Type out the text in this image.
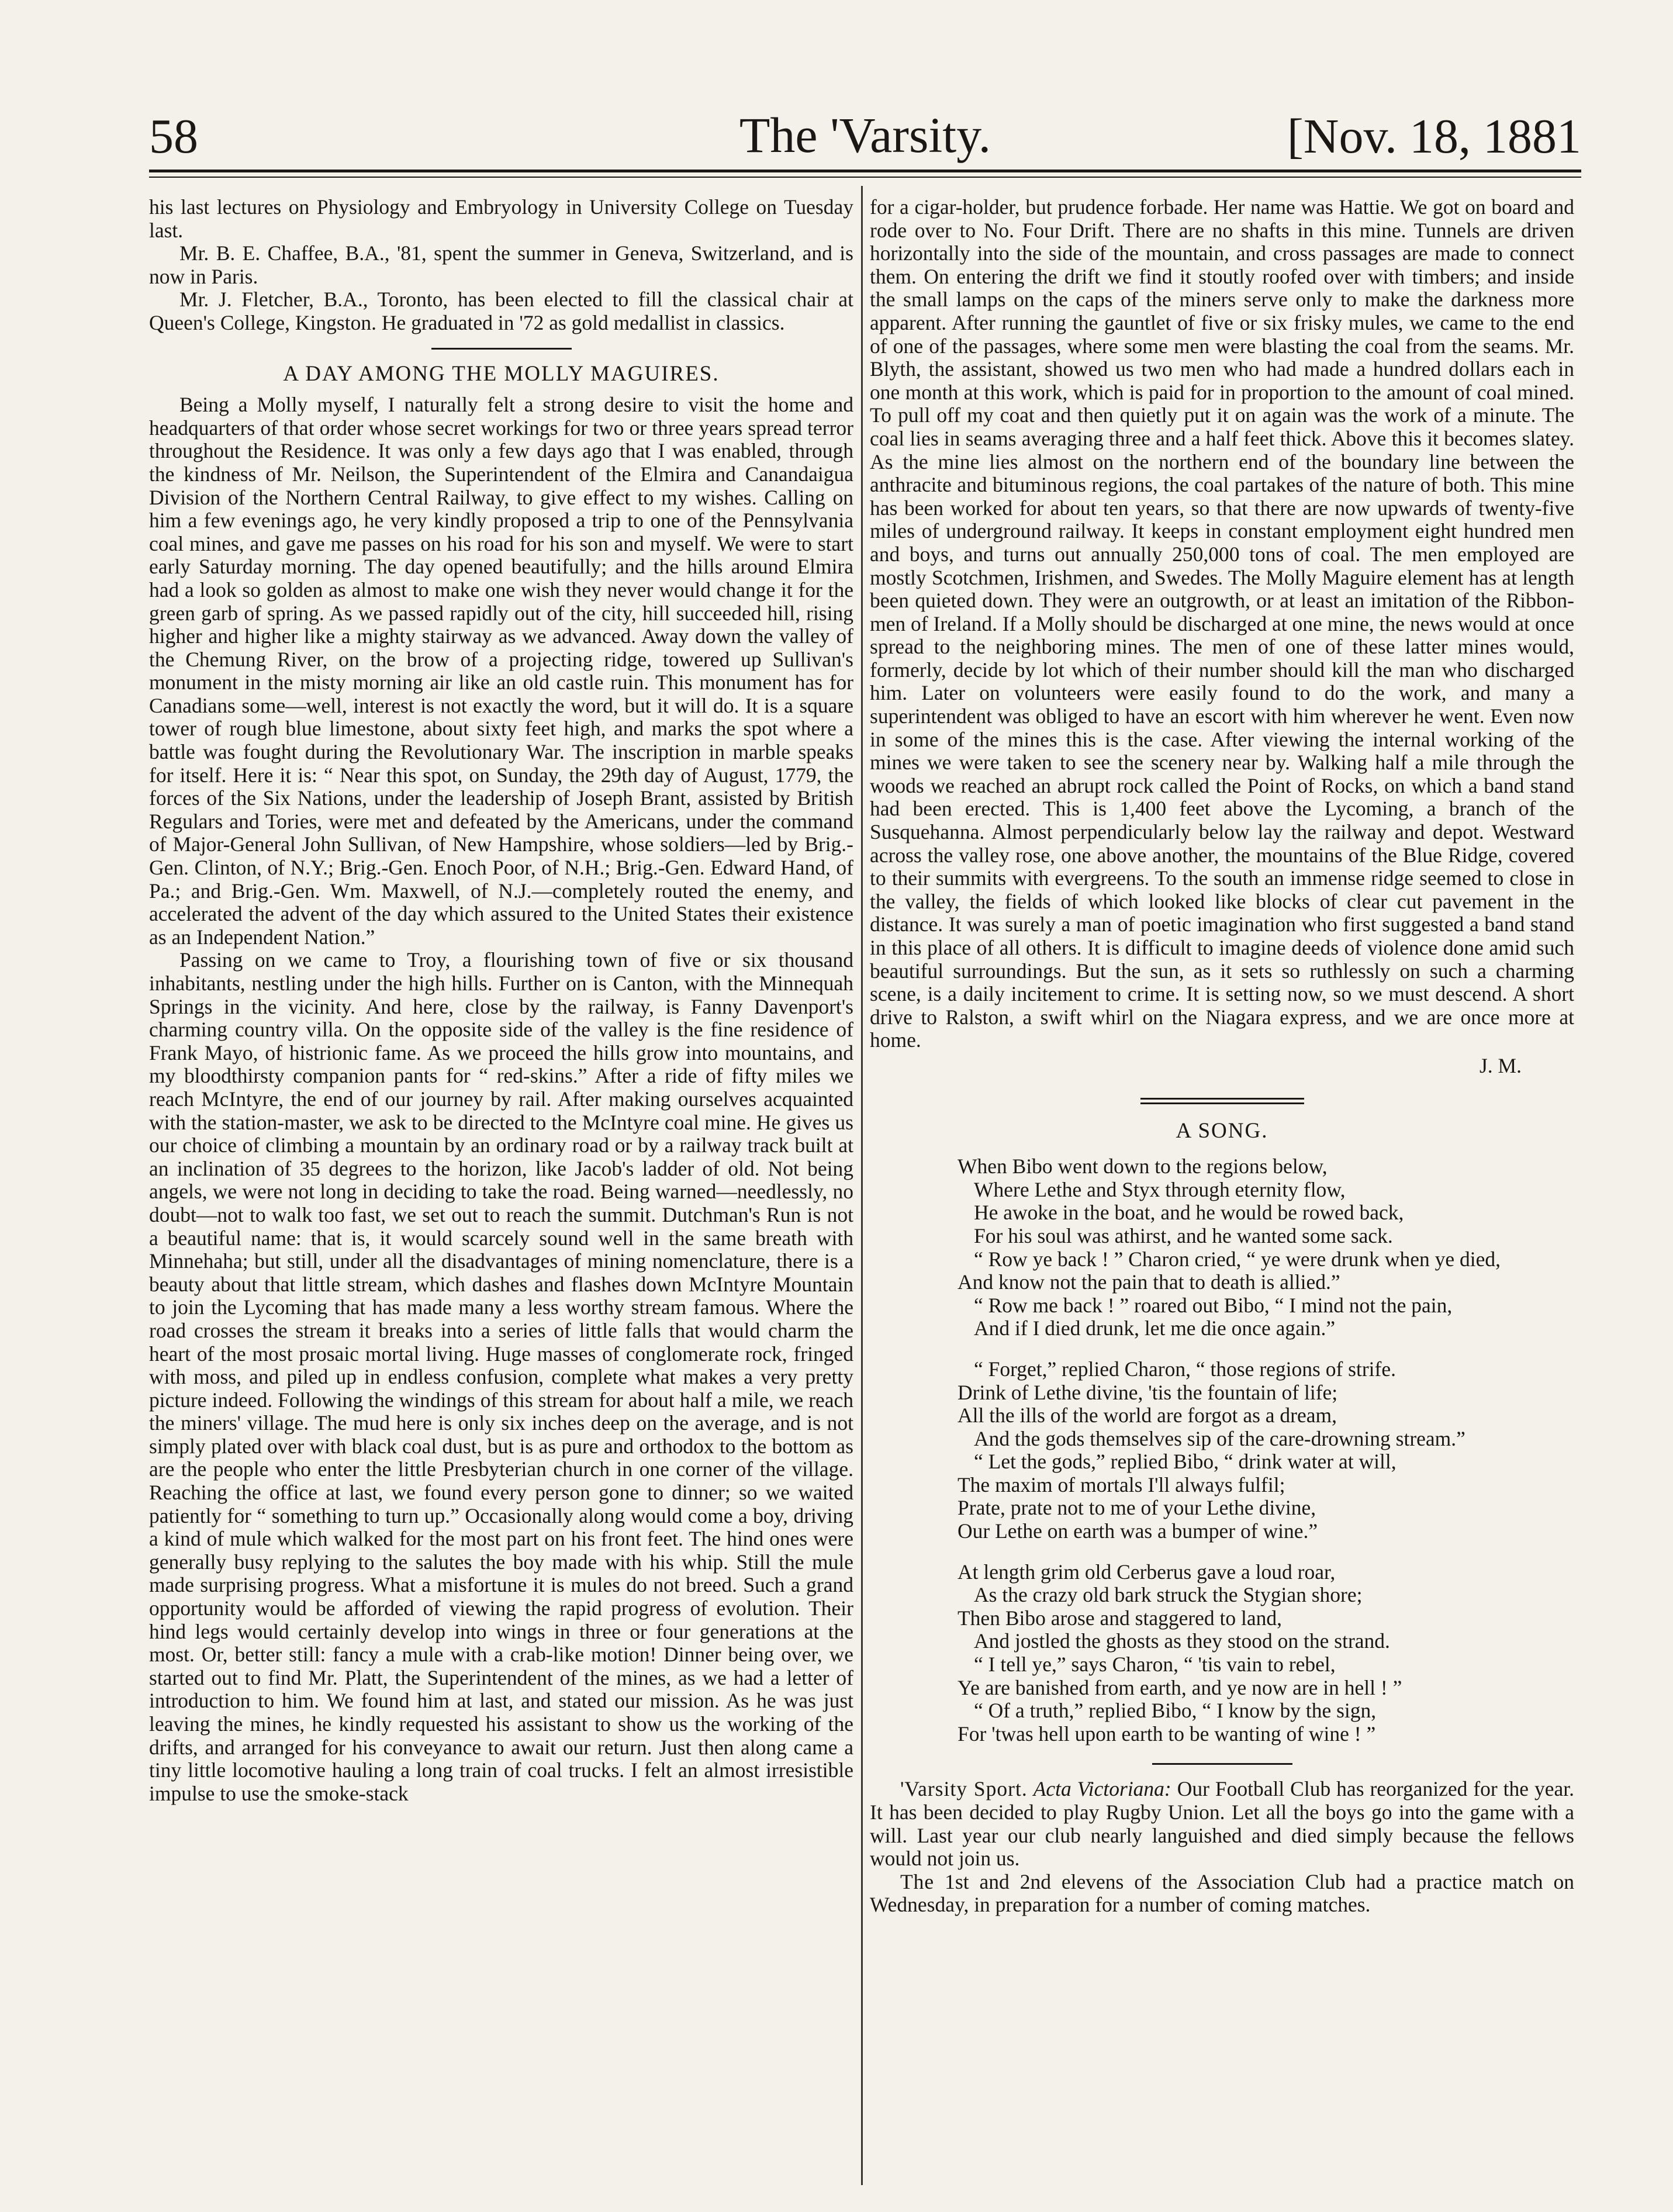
The 'Varsity.
58	[Nov. 18, 1881

his last lectures on Physiology and Embryology in University College on Tuesday last.

Mr. B. E. Chaffee, B.A., '81, spent the summer in Geneva, Switzerland, and is now in Paris.

Mr. J. Fletcher, B.A., Toronto, has been elected to fill the classical chair at Queen's College, Kingston. He graduated in '72 as gold medallist in classics.

A DAY AMONG THE MOLLY MAGUIRES.

Being a Molly myself, I naturally felt a strong desire to visit the home and headquarters of that order whose secret workings for two or three years spread terror throughout the Residence. It was only a few days ago that I was enabled, through the kindness of Mr. Neilson, the Superintendent of the Elmira and Canandaigua Division of the Northern Central Railway, to give effect to my wishes. Calling on him a few evenings ago, he very kindly proposed a trip to one of the Pennsylvania coal mines, and gave me passes on his road for his son and myself. We were to start early Saturday morning. The day opened beautifully; and the hills around Elmira had a look so golden as almost to make one wish they never would change it for the green garb of spring. As we passed rapidly out of the city, hill succeeded hill, rising higher and higher like a mighty stairway as we advanced. Away down the valley of the Chemung River, on the brow of a projecting ridge, towered up Sullivan's monument in the misty morning air like an old castle ruin. This monument has for Canadians some—well, interest is not exactly the word, but it will do. It is a square tower of rough blue limestone, about sixty feet high, and marks the spot where a battle was fought during the Revolutionary War. The inscription in marble speaks for itself. Here it is: “ Near this spot, on Sunday, the 29th day of August, 1779, the forces of the Six Nations, under the leadership of Joseph Brant, assisted by British Regulars and Tories, were met and defeated by the Americans, under the command of Major-General John Sullivan, of New Hampshire, whose soldiers—led by Brig.-Gen. Clinton, of N.Y.; Brig.-Gen. Enoch Poor, of N.H.; Brig.-Gen. Edward Hand, of Pa.; and Brig.-Gen. Wm. Maxwell, of N.J.—completely routed the enemy, and accelerated the advent of the day which assured to the United States their existence as an Independent Nation.”

Passing on we came to Troy, a flourishing town of five or six thousand inhabitants, nestling under the high hills. Further on is Canton, with the Minnequah Springs in the vicinity. And here, close by the railway, is Fanny Davenport's charming country villa. On the opposite side of the valley is the fine residence of Frank Mayo, of histrionic fame. As we proceed the hills grow into mountains, and my bloodthirsty companion pants for “ red-skins.” After a ride of fifty miles we reach McIntyre, the end of our journey by rail. After making ourselves acquainted with the station-master, we ask to be directed to the McIntyre coal mine. He gives us our choice of climbing a mountain by an ordinary road or by a railway track built at an inclination of 35 degrees to the horizon, like Jacob's ladder of old. Not being angels, we were not long in deciding to take the road. Being warned—needlessly, no doubt—not to walk too fast, we set out to reach the summit. Dutchman's Run is not a beautiful name: that is, it would scarcely sound well in the same breath with Minnehaha; but still, under all the disadvantages of mining nomenclature, there is a beauty about that little stream, which dashes and flashes down McIntyre Mountain to join the Lycoming that has made many a less worthy stream famous. Where the road crosses the stream it breaks into a series of little falls that would charm the heart of the most prosaic mortal living. Huge masses of conglomerate rock, fringed with moss, and piled up in endless confusion, complete what makes a very pretty picture indeed. Following the windings of this stream for about half a mile, we reach the miners' village. The mud here is only six inches deep on the average, and is not simply plated over with black coal dust, but is as pure and orthodox to the bottom as are the people who enter the little Presbyterian church in one corner of the village. Reaching the office at last, we found every person gone to dinner; so we waited patiently for “ something to turn up.” Occasionally along would come a boy, driving a kind of mule which walked for the most part on his front feet. The hind ones were generally busy replying to the salutes the boy made with his whip. Still the mule made surprising progress. What a misfortune it is mules do not breed. Such a grand opportunity would be afforded of viewing the rapid progress of evolution. Their hind legs would certainly develop into wings in three or four generations at the most. Or, better still: fancy a mule with a crab-like motion! Dinner being over, we started out to find Mr. Platt, the Superintendent of the mines, as we had a letter of introduction to him. We found him at last, and stated our mission. As he was just leaving the mines, he kindly requested his assistant to show us the working of the drifts, and arranged for his conveyance to await our return. Just then along came a tiny little locomotive hauling a long train of coal trucks. I felt an almost irresistible impulse to use the smoke-stack

for a cigar-holder, but prudence forbade. Her name was Hattie. We got on board and rode over to No. Four Drift. There are no shafts in this mine. Tunnels are driven horizontally into the side of the mountain, and cross passages are made to connect them. On entering the drift we find it stoutly roofed over with timbers; and inside the small lamps on the caps of the miners serve only to make the darkness more apparent. After running the gauntlet of five or six frisky mules, we came to the end of one of the passages, where some men were blasting the coal from the seams. Mr. Blyth, the assistant, showed us two men who had made a hundred dollars each in one month at this work, which is paid for in proportion to the amount of coal mined. To pull off my coat and then quietly put it on again was the work of a minute. The coal lies in seams averaging three and a half feet thick. Above this it becomes slatey. As the mine lies almost on the northern end of the boundary line between the anthracite and bituminous regions, the coal partakes of the nature of both. This mine has been worked for about ten years, so that there are now upwards of twenty-five miles of underground railway. It keeps in constant employment eight hundred men and boys, and turns out annually 250,000 tons of coal. The men employed are mostly Scotchmen, Irishmen, and Swedes. The Molly Maguire element has at length been quieted down. They were an outgrowth, or at least an imitation of the Ribbon-men of Ireland. If a Molly should be discharged at one mine, the news would at once spread to the neighboring mines. The men of one of these latter mines would, formerly, decide by lot which of their number should kill the man who discharged him. Later on volunteers were easily found to do the work, and many a superintendent was obliged to have an escort with him wherever he went. Even now in some of the mines this is the case. After viewing the internal working of the mines we were taken to see the scenery near by. Walking half a mile through the woods we reached an abrupt rock called the Point of Rocks, on which a band stand had been erected. This is 1,400 feet above the Lycoming, a branch of the Susquehanna. Almost perpendicularly below lay the railway and depot. Westward across the valley rose, one above another, the mountains of the Blue Ridge, covered to their summits with evergreens. To the south an immense ridge seemed to close in the valley, the fields of which looked like blocks of clear cut pavement in the distance. It was surely a man of poetic imagination who first suggested a band stand in this place of all others. It is difficult to imagine deeds of violence done amid such beautiful surroundings. But the sun, as it sets so ruthlessly on such a charming scene, is a daily incitement to crime. It is setting now, so we must descend. A short drive to Ralston, a swift whirl on the Niagara express, and we are once more at home.

J. M.
A SONG.

When Bibo went down to the regions below,

Where Lethe and Styx through eternity flow,

He awoke in the boat, and he would be rowed back,

For his soul was athirst, and he wanted some sack.

“ Row ye back ! ” Charon cried, “ ye were drunk when ye died,

And know not the pain that to death is allied.”

“ Row me back ! ” roared out Bibo, “ I mind not the pain,

And if I died drunk, let me die once again.”

“ Forget,” replied Charon, “ those regions of strife.

Drink of Lethe divine, 'tis the fountain of life;

All the ills of the world are forgot as a dream,

And the gods themselves sip of the care-drowning stream.”

“ Let the gods,” replied Bibo, “ drink water at will,

The maxim of mortals I'll always fulfil;

Prate, prate not to me of your Lethe divine,

Our Lethe on earth was a bumper of wine.”

At length grim old Cerberus gave a loud roar,

As the crazy old bark struck the Stygian shore;

Then Bibo arose and staggered to land,

And jostled the ghosts as they stood on the strand.

“ I tell ye,” says Charon, “ 'tis vain to rebel,

Ye are banished from earth, and ye now are in hell ! ”

“ Of a truth,” replied Bibo, “ I know by the sign,

For 'twas hell upon earth to be wanting of wine ! ”

'Varsity Sport. Acta Victoriana: Our Football Club has reorganized for the year. It has been decided to play Rugby Union. Let all the boys go into the game with a will. Last year our club nearly languished and died simply because the fellows would not join us.

The 1st and 2nd elevens of the Association Club had a practice match on Wednesday, in preparation for a number of coming matches.
